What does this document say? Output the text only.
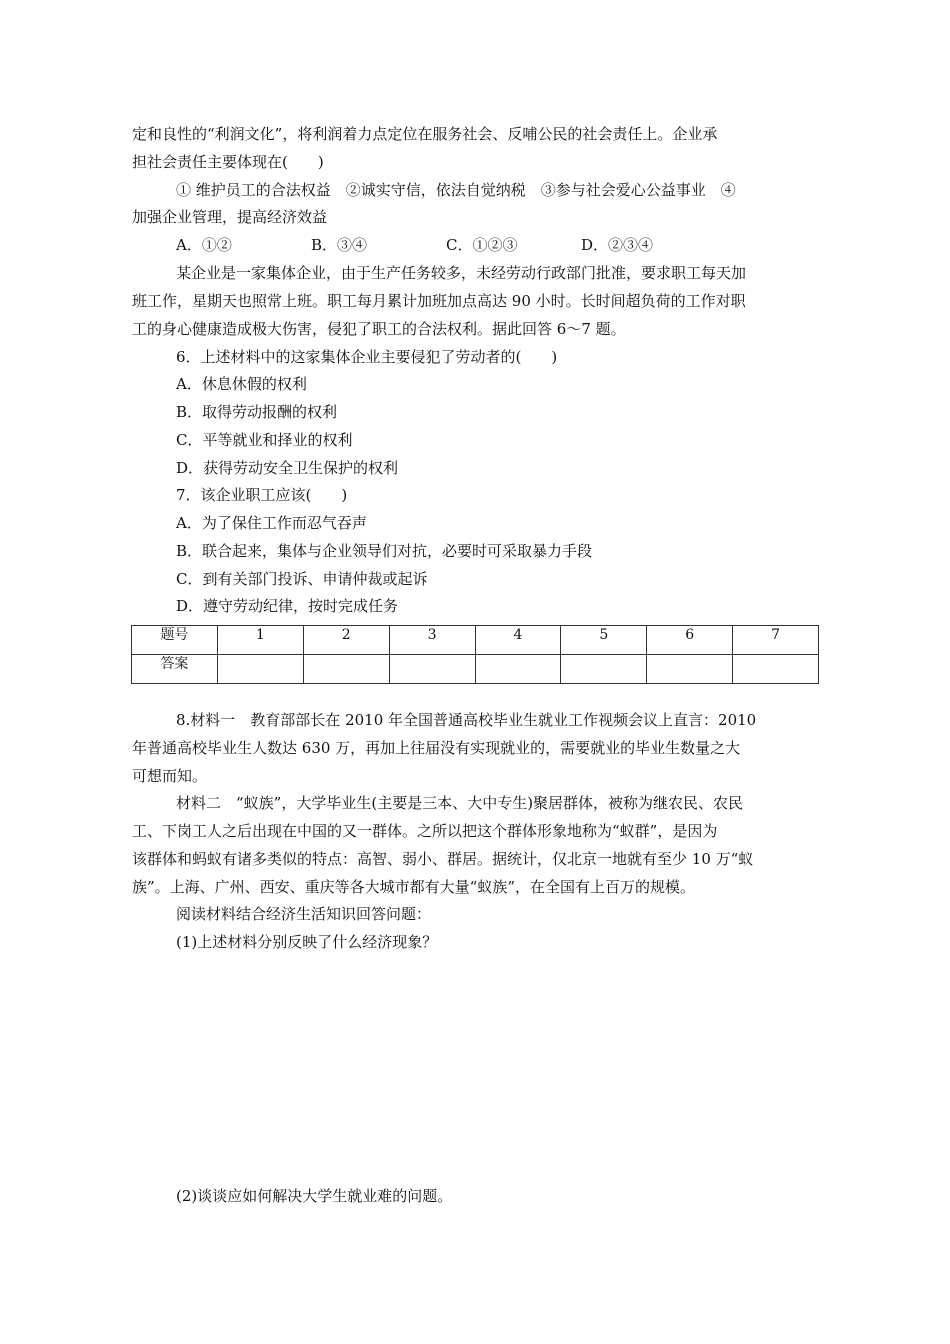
定和良性的“利润文化”，将利润着力点定位在服务社会、反哺公民的社会责任上。企业承
担社会责任主要体现在(　　)
① 维护员工的合法权益　②诚实守信，依法自觉纳税　③参与社会爱心公益事业　④
加强企业管理，提高经济效益
A．①②	B．③④	C．①②③	D．②③④
某企业是一家集体企业，由于生产任务较多，未经劳动行政部门批准，要求职工每天加
班工作，星期天也照常上班。职工每月累计加班加点高达 90 小时。长时间超负荷的工作对职
工的身心健康造成极大伤害，侵犯了职工的合法权利。据此回答 6～7 题。
6．上述材料中的这家集体企业主要侵犯了劳动者的(　　)
A．休息休假的权利
B．取得劳动报酬的权利
C．平等就业和择业的权利
D．获得劳动安全卫生保护的权利
7．该企业职工应该(　　)
A．为了保住工作而忍气吞声
B．联合起来，集体与企业领导们对抗，必要时可采取暴力手段
C．到有关部门投诉、申请仲裁或起诉
D．遵守劳动纪律，按时完成任务
题号	1	2	3	4	5	6	7
答案							
8.材料一　教育部部长在 2010 年全国普通高校毕业生就业工作视频会议上直言：2010
年普通高校毕业生人数达 630 万，再加上往届没有实现就业的，需要就业的毕业生数量之大
可想而知。
材料二　“蚁族”，大学毕业生(主要是三本、大中专生)聚居群体，被称为继农民、农民
工、下岗工人之后出现在中国的又一群体。之所以把这个群体形象地称为“蚁群”，是因为
该群体和蚂蚁有诸多类似的特点：高智、弱小、群居。据统计，仅北京一地就有至少 10 万“蚁
族”。上海、广州、西安、重庆等各大城市都有大量“蚁族”，在全国有上百万的规模。
阅读材料结合经济生活知识回答问题：
(1)上述材料分别反映了什么经济现象？
(2)谈谈应如何解决大学生就业难的问题。
